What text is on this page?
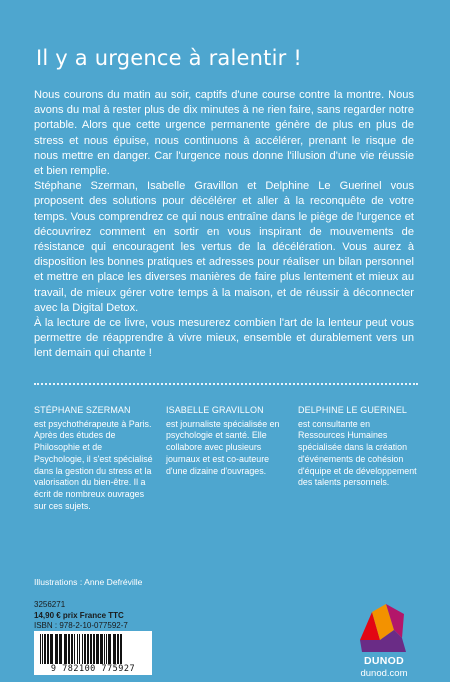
Il y a urgence à ralentir !

Nous courons du matin au soir, captifs d'une course contre la montre. Nous avons du mal à rester plus de dix minutes à ne rien faire, sans regarder notre portable. Alors que cette urgence permanente génère de plus en plus de stress et nous épuise, nous continuons à accélérer, prenant le risque de nous mettre en danger. Car l'urgence nous donne l'illusion d'une vie réussie et bien remplie.

Stéphane Szerman, Isabelle Gravillon et Delphine Le Guerinel vous proposent des solutions pour décélérer et aller à la reconquête de votre temps. Vous comprendrez ce qui nous entraîne dans le piège de l'urgence et découvrirez comment en sortir en vous inspirant de mouvements de résistance qui encouragent les vertus de la décélération. Vous aurez à disposition les bonnes pratiques et adresses pour réaliser un bilan personnel et mettre en place les diverses manières de faire plus lentement et mieux au travail, de mieux gérer votre temps à la maison, et de réussir à déconnecter avec la Digital Detox.

À la lecture de ce livre, vous mesurerez combien l'art de la lenteur peut vous permettre de réapprendre à vivre mieux, ensemble et durablement vers un lent demain qui chante !

STÉPHANE SZERMAN
est psychothérapeute à Paris. Après des études de Philosophie et de Psychologie, il s'est spécialisé dans la gestion du stress et la valorisation du bien-être. Il a écrit de nombreux ouvrages sur ces sujets.
ISABELLE GRAVILLON
est journaliste spécialisée en psychologie et santé. Elle collabore avec plusieurs journaux et est co-auteure d'une dizaine d'ouvrages.
DELPHINE LE GUERINEL
est consultante en Ressources Humaines spécialisée dans la création d'événements de cohésion d'équipe et de développement des talents personnels.
Illustrations : Anne Defréville
3256271
14,90 € prix France TTC
ISBN : 978-2-10-077592-7
9 782100 775927
DUNOD
dunod.com
